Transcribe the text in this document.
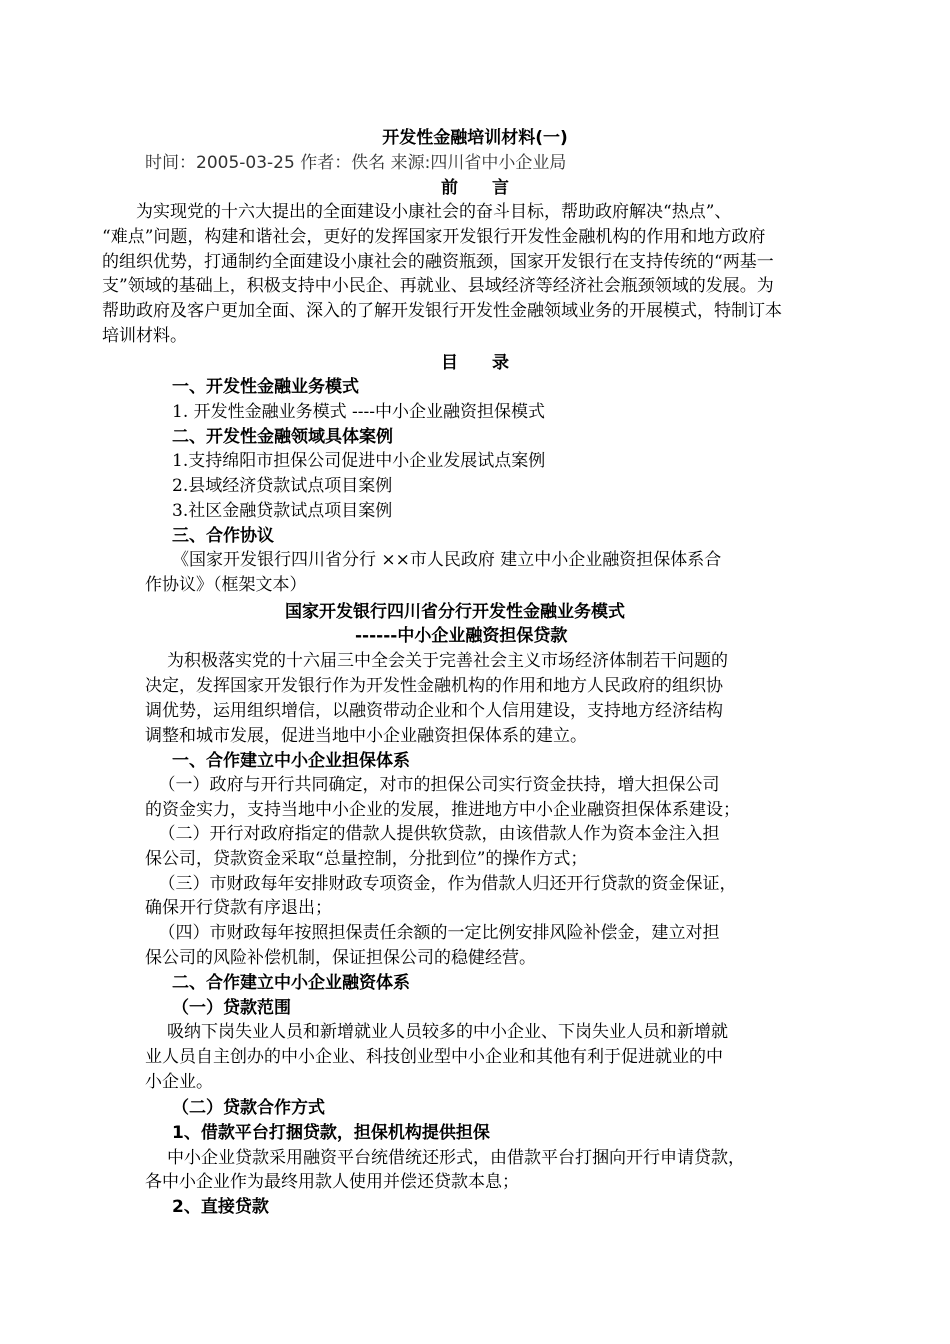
开发性金融培训材料(一)
时间：2005-03-25 作者：佚名 来源:四川省中小企业局
前　　言
　　为实现党的十六大提出的全面建设小康社会的奋斗目标，帮助政府解决“热点”、
“难点”问题，构建和谐社会，更好的发挥国家开发银行开发性金融机构的作用和地方政府
的组织优势，打通制约全面建设小康社会的融资瓶颈，国家开发银行在支持传统的“两基一
支”领域的基础上，积极支持中小民企、再就业、县域经济等经济社会瓶颈领域的发展。为
帮助政府及客户更加全面、深入的了解开发银行开发性金融领域业务的开展模式，特制订本
培训材料。
目　　录
一、开发性金融业务模式
1. 开发性金融业务模式 ----中小企业融资担保模式
二、开发性金融领域具体案例
1.支持绵阳市担保公司促进中小企业发展试点案例
2.县域经济贷款试点项目案例
3.社区金融贷款试点项目案例
三、合作协议
《国家开发银行四川省分行 ××市人民政府 建立中小企业融资担保体系合
作协议》（框架文本）
国家开发银行四川省分行开发性金融业务模式
------中小企业融资担保贷款
　为积极落实党的十六届三中全会关于完善社会主义市场经济体制若干问题的
决定，发挥国家开发银行作为开发性金融机构的作用和地方人民政府的组织协
调优势，运用组织增信，以融资带动企业和个人信用建设，支持地方经济结构
调整和城市发展，促进当地中小企业融资担保体系的建立。
一、合作建立中小企业担保体系
　（一）政府与开行共同确定，对市的担保公司实行资金扶持，增大担保公司
的资金实力，支持当地中小企业的发展，推进地方中小企业融资担保体系建设；
　（二）开行对政府指定的借款人提供软贷款，由该借款人作为资本金注入担
保公司，贷款资金采取“总量控制，分批到位”的操作方式；
　（三）市财政每年安排财政专项资金，作为借款人归还开行贷款的资金保证，
确保开行贷款有序退出；
　（四）市财政每年按照担保责任余额的一定比例安排风险补偿金，建立对担
保公司的风险补偿机制，保证担保公司的稳健经营。
二、合作建立中小企业融资体系
（一）贷款范围
　吸纳下岗失业人员和新增就业人员较多的中小企业、下岗失业人员和新增就
业人员自主创办的中小企业、科技创业型中小企业和其他有利于促进就业的中
小企业。
（二）贷款合作方式
1、借款平台打捆贷款，担保机构提供担保
　中小企业贷款采用融资平台统借统还形式，由借款平台打捆向开行申请贷款，
各中小企业作为最终用款人使用并偿还贷款本息；
2、直接贷款
